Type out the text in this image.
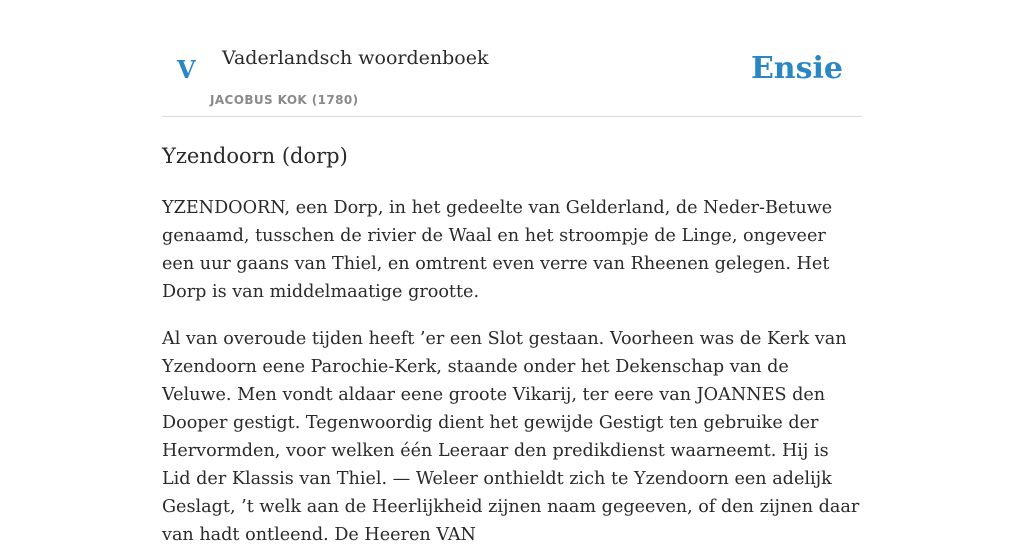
V Vaderlandsch woordenboek
JACOBUS KOK (1780)
Ensie
Yzendoorn (dorp)

YZENDOORN, een Dorp, in het gedeelte van Gelderland, de Neder-Betuwe genaamd, tusschen de rivier de Waal en het stroompje de Linge, ongeveer een uur gaans van Thiel, en omtrent even verre van Rheenen gelegen. Het Dorp is van middelmaatige grootte.

Al van overoude tijden heeft ’er een Slot gestaan. Voorheen was de Kerk van Yzendoorn eene Parochie-Kerk, staande onder het Dekenschap van de Veluwe. Men vondt aldaar eene groote Vikarij, ter eere van JOANNES den Dooper gestigt. Tegenwoordig dient het gewijde Gestigt ten gebruike der Hervormden, voor welken één Leeraar den predikdienst waarneemt. Hij is Lid der Klassis van Thiel. — Weleer onthieldt zich te Yzendoorn een adelijk Geslagt, ’t welk aan de Heerlijkheid zijnen naam gegeeven, of den zijnen daar van hadt ontleend. De Heeren VAN
